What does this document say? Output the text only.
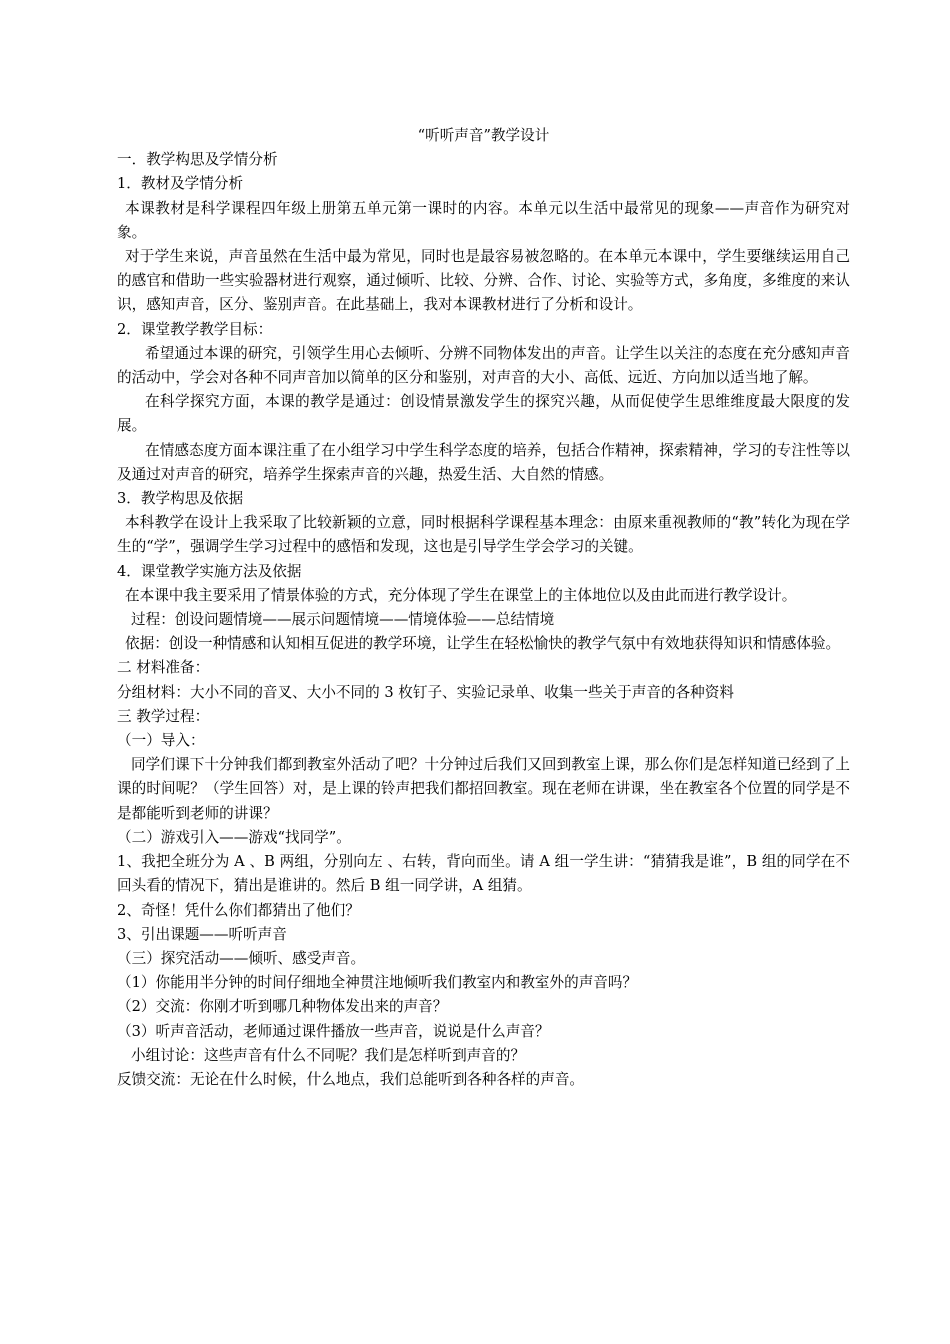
“听听声音”教学设计

一．教学构思及学情分析

1．教材及学情分析

本课教材是科学课程四年级上册第五单元第一课时的内容。本单元以生活中最常见的现象——声音作为研究对象。

对于学生来说，声音虽然在生活中最为常见，同时也是最容易被忽略的。在本单元本课中，学生要继续运用自己的感官和借助一些实验器材进行观察，通过倾听、比较、分辨、合作、讨论、实验等方式，多角度，多维度的来认识，感知声音，区分、鉴别声音。在此基础上，我对本课教材进行了分析和设计。

2．课堂教学教学目标：

希望通过本课的研究，引领学生用心去倾听、分辨不同物体发出的声音。让学生以关注的态度在充分感知声音的活动中，学会对各种不同声音加以简单的区分和鉴别，对声音的大小、高低、远近、方向加以适当地了解。

在科学探究方面，本课的教学是通过：创设情景激发学生的探究兴趣，从而促使学生思维维度最大限度的发展。

在情感态度方面本课注重了在小组学习中学生科学态度的培养，包括合作精神，探索精神，学习的专注性等以及通过对声音的研究，培养学生探索声音的兴趣，热爱生活、大自然的情感。

3．教学构思及依据

本科教学在设计上我采取了比较新颖的立意，同时根据科学课程基本理念：由原来重视教师的“教”转化为现在学生的“学”，强调学生学习过程中的感悟和发现，这也是引导学生学会学习的关键。

4．课堂教学实施方法及依据

在本课中我主要采用了情景体验的方式，充分体现了学生在课堂上的主体地位以及由此而进行教学设计。

过程：创设问题情境——展示问题情境——情境体验——总结情境

依据：创设一种情感和认知相互促进的教学环境，让学生在轻松愉快的教学气氛中有效地获得知识和情感体验。

二 材料准备：

分组材料：大小不同的音叉、大小不同的 3 枚钉子、实验记录单、收集一些关于声音的各种资料

三 教学过程：

（一）导入：

同学们课下十分钟我们都到教室外活动了吧？十分钟过后我们又回到教室上课，那么你们是怎样知道已经到了上课的时间呢？（学生回答）对，是上课的铃声把我们都招回教室。现在老师在讲课，坐在教室各个位置的同学是不是都能听到老师的讲课？

（二）游戏引入——游戏“找同学”。

1、我把全班分为 A 、B 两组，分别向左 、右转，背向而坐。请 A 组一学生讲：“猜猜我是谁”，B 组的同学在不回头看的情况下，猜出是谁讲的。然后 B 组一同学讲，A 组猜。

2、奇怪！凭什么你们都猜出了他们？

3、引出课题——听听声音

（三）探究活动——倾听、感受声音。

（1）你能用半分钟的时间仔细地全神贯注地倾听我们教室内和教室外的声音吗？

（2）交流：你刚才听到哪几种物体发出来的声音？

（3）听声音活动，老师通过课件播放一些声音，说说是什么声音？

小组讨论：这些声音有什么不同呢？我们是怎样听到声音的？

反馈交流：无论在什么时候，什么地点，我们总能听到各种各样的声音。
